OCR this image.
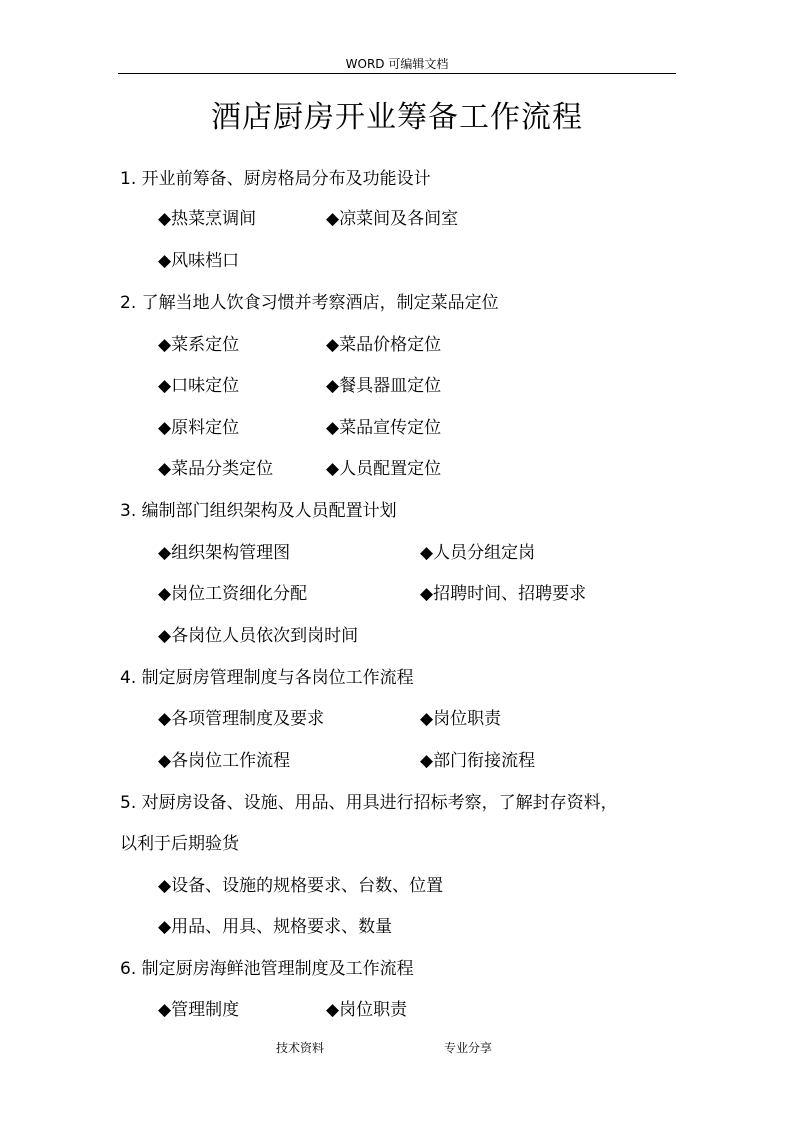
WORD 可编辑文档
酒店厨房开业筹备工作流程
1. 开业前筹备、厨房格局分布及功能设计
◆热菜烹调间	◆凉菜间及各间室
◆风味档口
2. 了解当地人饮食习惯并考察酒店，制定菜品定位
◆菜系定位	◆菜品价格定位
◆口味定位	◆餐具器皿定位
◆原料定位	◆菜品宣传定位
◆菜品分类定位	◆人员配置定位
3. 编制部门组织架构及人员配置计划
◆组织架构管理图	◆人员分组定岗
◆岗位工资细化分配	◆招聘时间、招聘要求
◆各岗位人员依次到岗时间
4. 制定厨房管理制度与各岗位工作流程
◆各项管理制度及要求	◆岗位职责
◆各岗位工作流程	◆部门衔接流程
5. 对厨房设备、设施、用品、用具进行招标考察，了解封存资料，
以利于后期验货
◆设备、设施的规格要求、台数、位置
◆用品、用具、规格要求、数量
6. 制定厨房海鲜池管理制度及工作流程
◆管理制度	◆岗位职责
技术资料	专业分享
